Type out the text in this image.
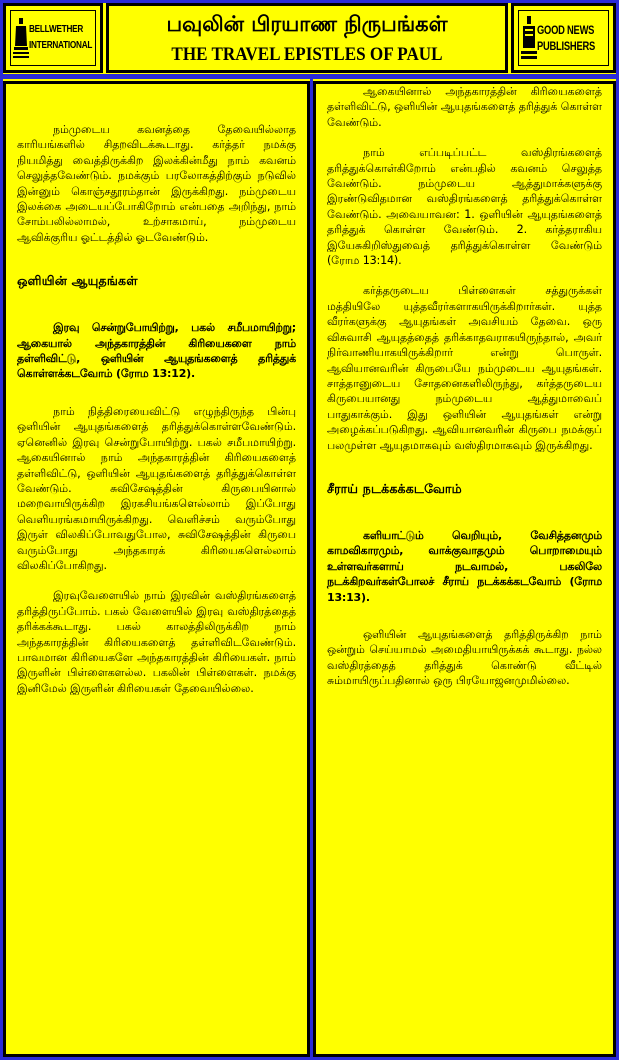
BELLWETHER
INTERNATIONAL
பவுலின் பிரயாண நிருபங்கள்
THE TRAVEL EPISTLES OF PAUL
GOOD NEWS
PUBLISHERS

நம்முடைய கவனத்தை தேவையில்லாத காரியங்களில் சிதறவிடக்கூடாது. கர்த்தர் நமக்கு நியமித்து வைத்திருக்கிற இலக்கின்மீது நாம் கவனம் செலுத்தவேண்டும். நமக்கும் பரலோகத்திற்கும் நடுவில் இன்னும் கொஞ்சதூரம்தான் இருக்கிறது. நம்முடைய இலக்கை அடையப்போகிறோம் என்பதை அறிந்து, நாம் சோம்பலில்லாமல், உற்சாகமாய், நம்முடைய ஆவிக்குரிய ஓட்டத்தில் ஓடவேண்டும்.

ஒளியின் ஆயுதங்கள்

இரவு சென்றுபோயிற்று, பகல் சமீபமாயிற்று; ஆகையால் அந்தகாரத்தின் கிரியைகளை நாம் தள்ளிவிட்டு, ஒளியின் ஆயுதங்களைத் தரித்துக் கொள்ளக்கடவோம் (ரோம 13:12).

நாம் நித்திரையைவிட்டு எழுந்திருந்த பின்பு ஒளியின் ஆயுதங்களைத் தரித்துக்கொள்ளவேண்டும். ஏனெனில் இரவு சென்றுபோயிற்று. பகல் சமீபமாயிற்று. ஆகையினால் நாம் அந்தகாரத்தின் கிரியைகளைத் தள்ளிவிட்டு, ஒளியின் ஆயுதங்களைத் தரித்துக்கொள்ள வேண்டும். சுவிசேஷத்தின் கிருபையினால் மறைவாயிருக்கிற இரகசியங்களெல்லாம் இப்போது வெளியரங்கமாயிருக்கிறது. வெளிச்சம் வரும்போது இருள் விலகிப்போவதுபோல, சுவிசேஷத்தின் கிருபை வரும்போது அந்தகாரக் கிரியைகளெல்லாம் விலகிப்போகிறது.

இரவுவேளையில் நாம் இரவின் வஸ்திரங்களைத் தரித்திருப்போம். பகல் வேளையில் இரவு வஸ்திரத்தைத் தரிக்கக்கூடாது. பகல் காலத்திலிருக்கிற நாம் அந்தகாரத்தின் கிரியைகளைத் தள்ளிவிடவேண்டும். பாவமான கிரியைகளே அந்தகாரத்தின் கிரியைகள். நாம் இருளின் பிள்ளைகளல்ல. பகலின் பிள்ளைகள். நமக்கு இனிமேல் இருளின் கிரியைகள் தேவையில்லை.

ஆகையினால் அந்தகாரத்தின் கிரியைகளைத் தள்ளிவிட்டு, ஒளியின் ஆயுதங்களைத் தரித்துக் கொள்ள வேண்டும்.

நாம் எப்படிப்பட்ட வஸ்திரங்களைத் தரித்துக்கொள்கிறோம் என்பதில் கவனம் செலுத்த வேண்டும். நம்முடைய ஆத்துமாக்களுக்கு இரண்டுவிதமான வஸ்திரங்களைத் தரித்துக்கொள்ள வேண்டும். அவையாவன: 1. ஒளியின் ஆயுதங்களைத் தரித்துக் கொள்ள வேண்டும். 2. கர்த்தராகிய இயேசுகிறிஸ்துவைத் தரித்துக்கொள்ள வேண்டும் (ரோம 13:14).

கர்த்தருடைய பிள்ளைகள் சத்துருக்கள் மத்தியிலே யுத்தவீரர்களாகயிருக்கிறார்கள். யுத்த வீரர்களுக்கு ஆயுதங்கள் அவசியம் தேவை. ஒரு விசுவாசி ஆயுதத்தைத் தரிக்காதவராகயிருந்தால், அவர் நிர்வாணியாகயிருக்கிறார் என்று பொருள். ஆவியானவரின் கிருபையே நம்முடைய ஆயுதங்கள். சாத்தானுடைய சோதனைகளிலிருந்து, கர்த்தருடைய கிருபையானது நம்முடைய ஆத்துமாவைப் பாதுகாக்கும். இது ஒளியின் ஆயுதங்கள் என்று அழைக்கப்படுகிறது. ஆவியானவரின் கிருபை நமக்குப் பலமுள்ள ஆயுதமாகவும் வஸ்திரமாகவும் இருக்கிறது.

சீராய் நடக்கக்கடவோம்

களியாட்டும் வெறியும், வேசித்தனமும் காமவிகாரமும், வாக்குவாதமும் பொறாமையும் உள்ளவர்களாய் நடவாமல், பகலிலே நடக்கிறவர்கள்போலச் சீராய் நடக்கக்கடவோம் (ரோம 13:13).

ஒளியின் ஆயுதங்களைத் தரித்திருக்கிற நாம் ஒன்றும் செய்யாமல் அமைதியாயிருக்கக் கூடாது. நல்ல வஸ்திரத்தைத் தரித்துக் கொண்டு வீட்டில் சும்மாயிருப்பதினால் ஒரு பிரயோஜனமுமில்லை.
